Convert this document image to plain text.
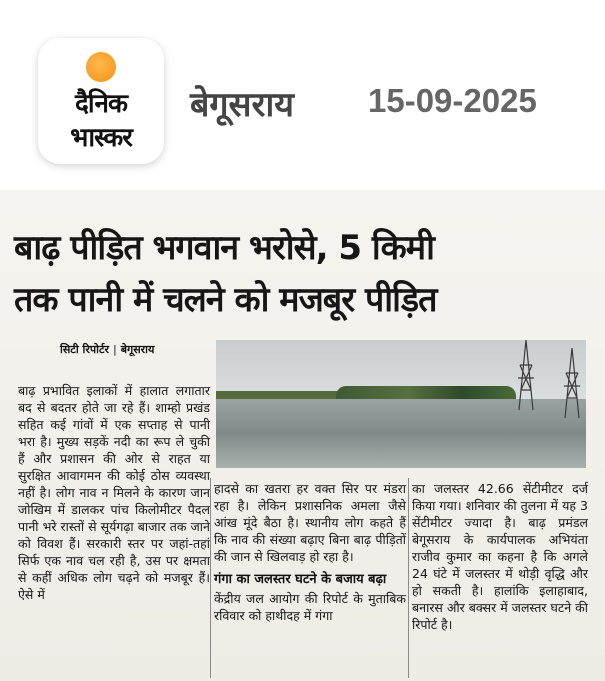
दैनिक
भास्कर
बेगूसराय 15-09-2025
बाढ़ पीड़ित भगवान भरोसे, 5 किमी
तक पानी में चलने को मजबूर पीड़ित
सिटी रिपोर्टर | बेगूसराय
बाढ़ प्रभावित इलाकों में हालात लगातार बद से बदतर होते जा रहे हैं। शाम्हो प्रखंड सहित कई गांवों में एक सप्ताह से पानी भरा है। मुख्य सड़कें नदी का रूप ले चुकी हैं और प्रशासन की ओर से राहत या सुरक्षित आवागमन की कोई ठोस व्यवस्था नहीं है। लोग नाव न मिलने के कारण जान जोखिम में डालकर पांच किलोमीटर पैदल पानी भरे रास्तों से सूर्यगढ़ा बाजार तक जाने को विवश हैं। सरकारी स्तर पर जहां-तहां सिर्फ एक नाव चल रही है, उस पर क्षमता से कहीं अधिक लोग चढ़ने को मजबूर हैं। ऐसे में
हादसे का खतरा हर वक्त सिर पर मंडरा रहा है। लेकिन प्रशासनिक अमला जैसे आंख मूंदे बैठा है। स्थानीय लोग कहते हैं कि नाव की संख्या बढ़ाए बिना बाढ़ पीड़ितों की जान से खिलवाड़ हो रहा है।
गंगा का जलस्तर घटने के बजाय बढ़ा
केंद्रीय जल आयोग की रिपोर्ट के मुताबिक रविवार को हाथीदह में गंगा
का जलस्तर 42.66 सेंटीमीटर दर्ज किया गया। शनिवार की तुलना में यह 3 सेंटीमीटर ज्यादा है। बाढ़ प्रमंडल बेगूसराय के कार्यपालक अभियंता राजीव कुमार का कहना है कि अगले 24 घंटे में जलस्तर में थोड़ी वृद्धि और हो सकती है। हालांकि इलाहाबाद, बनारस और बक्सर में जलस्तर घटने की रिपोर्ट है।
